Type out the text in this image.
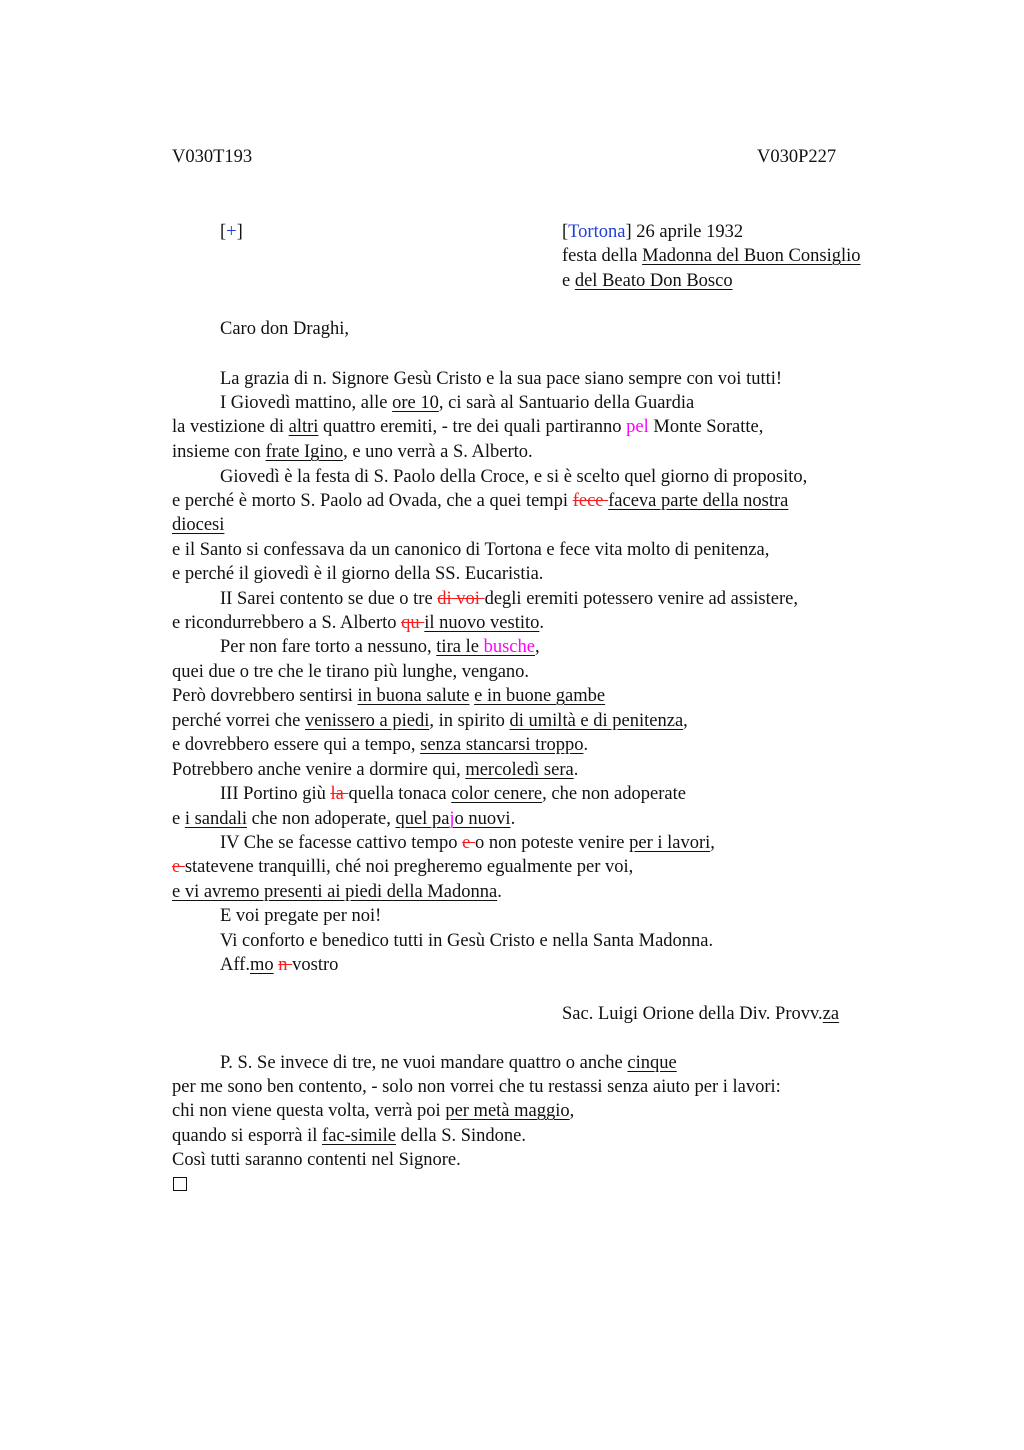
V030T193	V030P227
[+]	[Tortona] 26 aprile 1932
festa della Madonna del Buon Consiglio
e del Beato Don Bosco
Caro don Draghi,
La grazia di n. Signore Gesù Cristo e la sua pace siano sempre con voi tutti!
I Giovedì mattino, alle ore 10, ci sarà al Santuario della Guardia
la vestizione di altri quattro eremiti, - tre dei quali partiranno pel Monte Soratte,
insieme con frate Igino, e uno verrà a S. Alberto.
Giovedì è la festa di S. Paolo della Croce, e si è scelto quel giorno di proposito,
e perché è morto S. Paolo ad Ovada, che a quei tempi fece faceva parte della nostra
diocesi
e il Santo si confessava da un canonico di Tortona e fece vita molto di penitenza,
e perché il giovedì è il giorno della SS. Eucaristia.
II Sarei contento se due o tre di voi degli eremiti potessero venire ad assistere,
e ricondurrebbero a S. Alberto qu il nuovo vestito.
Per non fare torto a nessuno, tira le busche,
quei due o tre che le tirano più lunghe, vengano.
Però dovrebbero sentirsi in buona salute e in buone gambe
perché vorrei che venissero a piedi, in spirito di umiltà e di penitenza,
e dovrebbero essere qui a tempo, senza stancarsi troppo.
Potrebbero anche venire a dormire qui, mercoledì sera.
III Portino giù la quella tonaca color cenere, che non adoperate
e i sandali che non adoperate, quel pajo nuovi.
IV Che se facesse cattivo tempo e o non poteste venire per i lavori,
e statevene tranquilli, ché noi pregheremo egualmente per voi,
e vi avremo presenti ai piedi della Madonna.
E voi pregate per noi!
Vi conforto e benedico tutti in Gesù Cristo e nella Santa Madonna.
Aff.mo n vostro
Sac. Luigi Orione della Div. Provv.za
P. S. Se invece di tre, ne vuoi mandare quattro o anche cinque
per me sono ben contento, - solo non vorrei che tu restassi senza aiuto per i lavori:
chi non viene questa volta, verrà poi per metà maggio,
quando si esporrà il fac-simile della S. Sindone.
Così tutti saranno contenti nel Signore.
